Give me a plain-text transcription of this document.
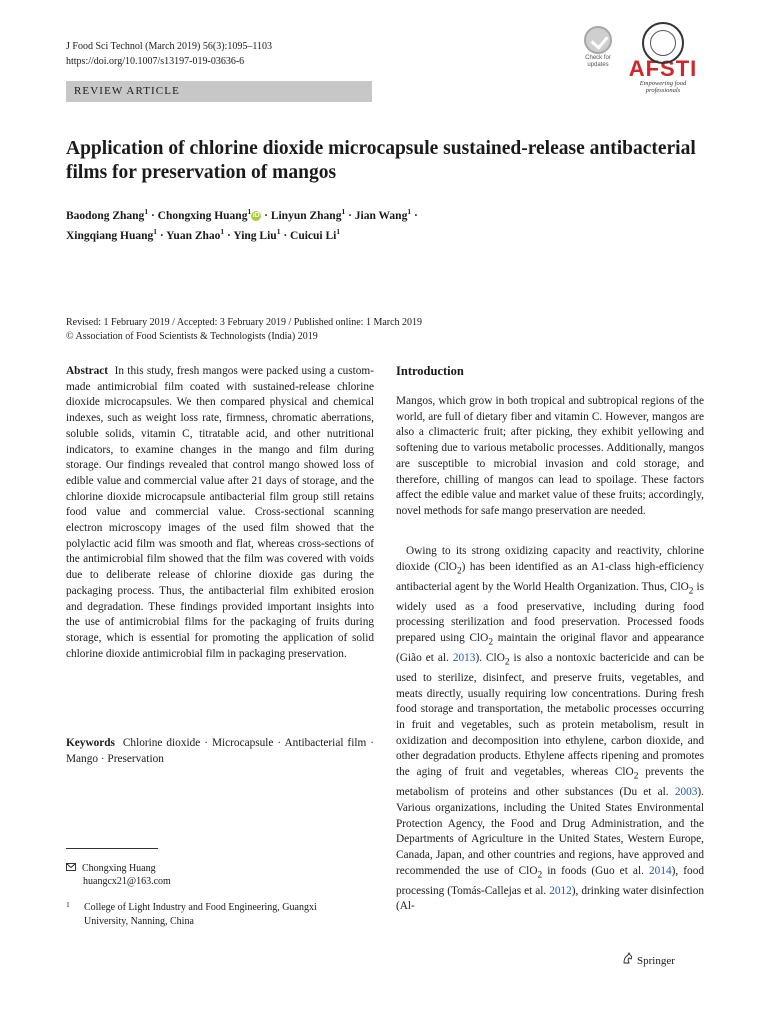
J Food Sci Technol (March 2019) 56(3):1095–1103
https://doi.org/10.1007/s13197-019-03636-6
REVIEW ARTICLE
Check for
updates AFSTI
Empowering food professionals
Application of chlorine dioxide microcapsule sustained-release antibacterial films for preservation of mangos
Baodong Zhang$^1$ · Chongxing Huang$^1$ iD · Linyun Zhang$^1$ · Jian Wang$^1$ ·
Xingqiang Huang$^1$ · Yuan Zhao$^1$ · Ying Liu$^1$ · Cuicui Li$^1$
Revised: 1 February 2019 / Accepted: 3 February 2019 / Published online: 1 March 2019
© Association of Food Scientists & Technologists (India) 2019

Abstract In this study, fresh mangos were packed using a custom-made antimicrobial film coated with sustained-release chlorine dioxide microcapsules. We then compared physical and chemical indexes, such as weight loss rate, firmness, chromatic aberrations, soluble solids, vitamin C, titratable acid, and other nutritional indicators, to examine changes in the mango and film during storage. Our findings revealed that control mango showed loss of edible value and commercial value after 21 days of storage, and the chlorine dioxide microcapsule antibacterial film group still retains food value and commercial value. Cross-sectional scanning electron microscopy images of the used film showed that the polylactic acid film was smooth and flat, whereas cross-sections of the antimicrobial film showed that the film was covered with voids due to deliberate release of chlorine dioxide gas during the packaging process. Thus, the antibacterial film exhibited erosion and degradation. These findings provided important insights into the use of antimicrobial films for the packaging of fruits during storage, which is essential for promoting the application of solid chlorine dioxide antimicrobial film in packaging preservation.

Keywords Chlorine dioxide · Microcapsule · Antibacterial film · Mango · Preservation

Chongxing Huang
huangcx21@163.com
1	College of Light Industry and Food Engineering, Guangxi University, Nanning, China
Introduction

Mangos, which grow in both tropical and subtropical regions of the world, are full of dietary fiber and vitamin C. However, mangos are also a climacteric fruit; after picking, they exhibit yellowing and softening due to various metabolic processes. Additionally, mangos are susceptible to microbial invasion and cold storage, and therefore, chilling of mangos can lead to spoilage. These factors affect the edible value and market value of these fruits; accordingly, novel methods for safe mango preservation are needed.

Owing to its strong oxidizing capacity and reactivity, chlorine dioxide (ClO$_2$) has been identified as an A1-class high-efficiency antibacterial agent by the World Health Organization. Thus, ClO$_2$ is widely used as a food preservative, including during food processing sterilization and food preservation. Processed foods prepared using ClO$_2$ maintain the original flavor and appearance (Gião et al. 2013). ClO$_2$ is also a nontoxic bactericide and can be used to sterilize, disinfect, and preserve fruits, vegetables, and meats directly, usually requiring low concentrations. During fresh food storage and transportation, the metabolic processes occurring in fruit and vegetables, such as protein metabolism, result in oxidization and decomposition into ethylene, carbon dioxide, and other degradation products. Ethylene affects ripening and promotes the aging of fruit and vegetables, whereas ClO$_2$ prevents the metabolism of proteins and other substances (Du et al. 2003). Various organizations, including the United States Environmental Protection Agency, the Food and Drug Administration, and the Departments of Agriculture in the United States, Western Europe, Canada, Japan, and other countries and regions, have approved and recommended the use of ClO$_2$ in foods (Guo et al. 2014), food processing (Tomás-Callejas et al. 2012), drinking water disinfection (Al-

Springer
